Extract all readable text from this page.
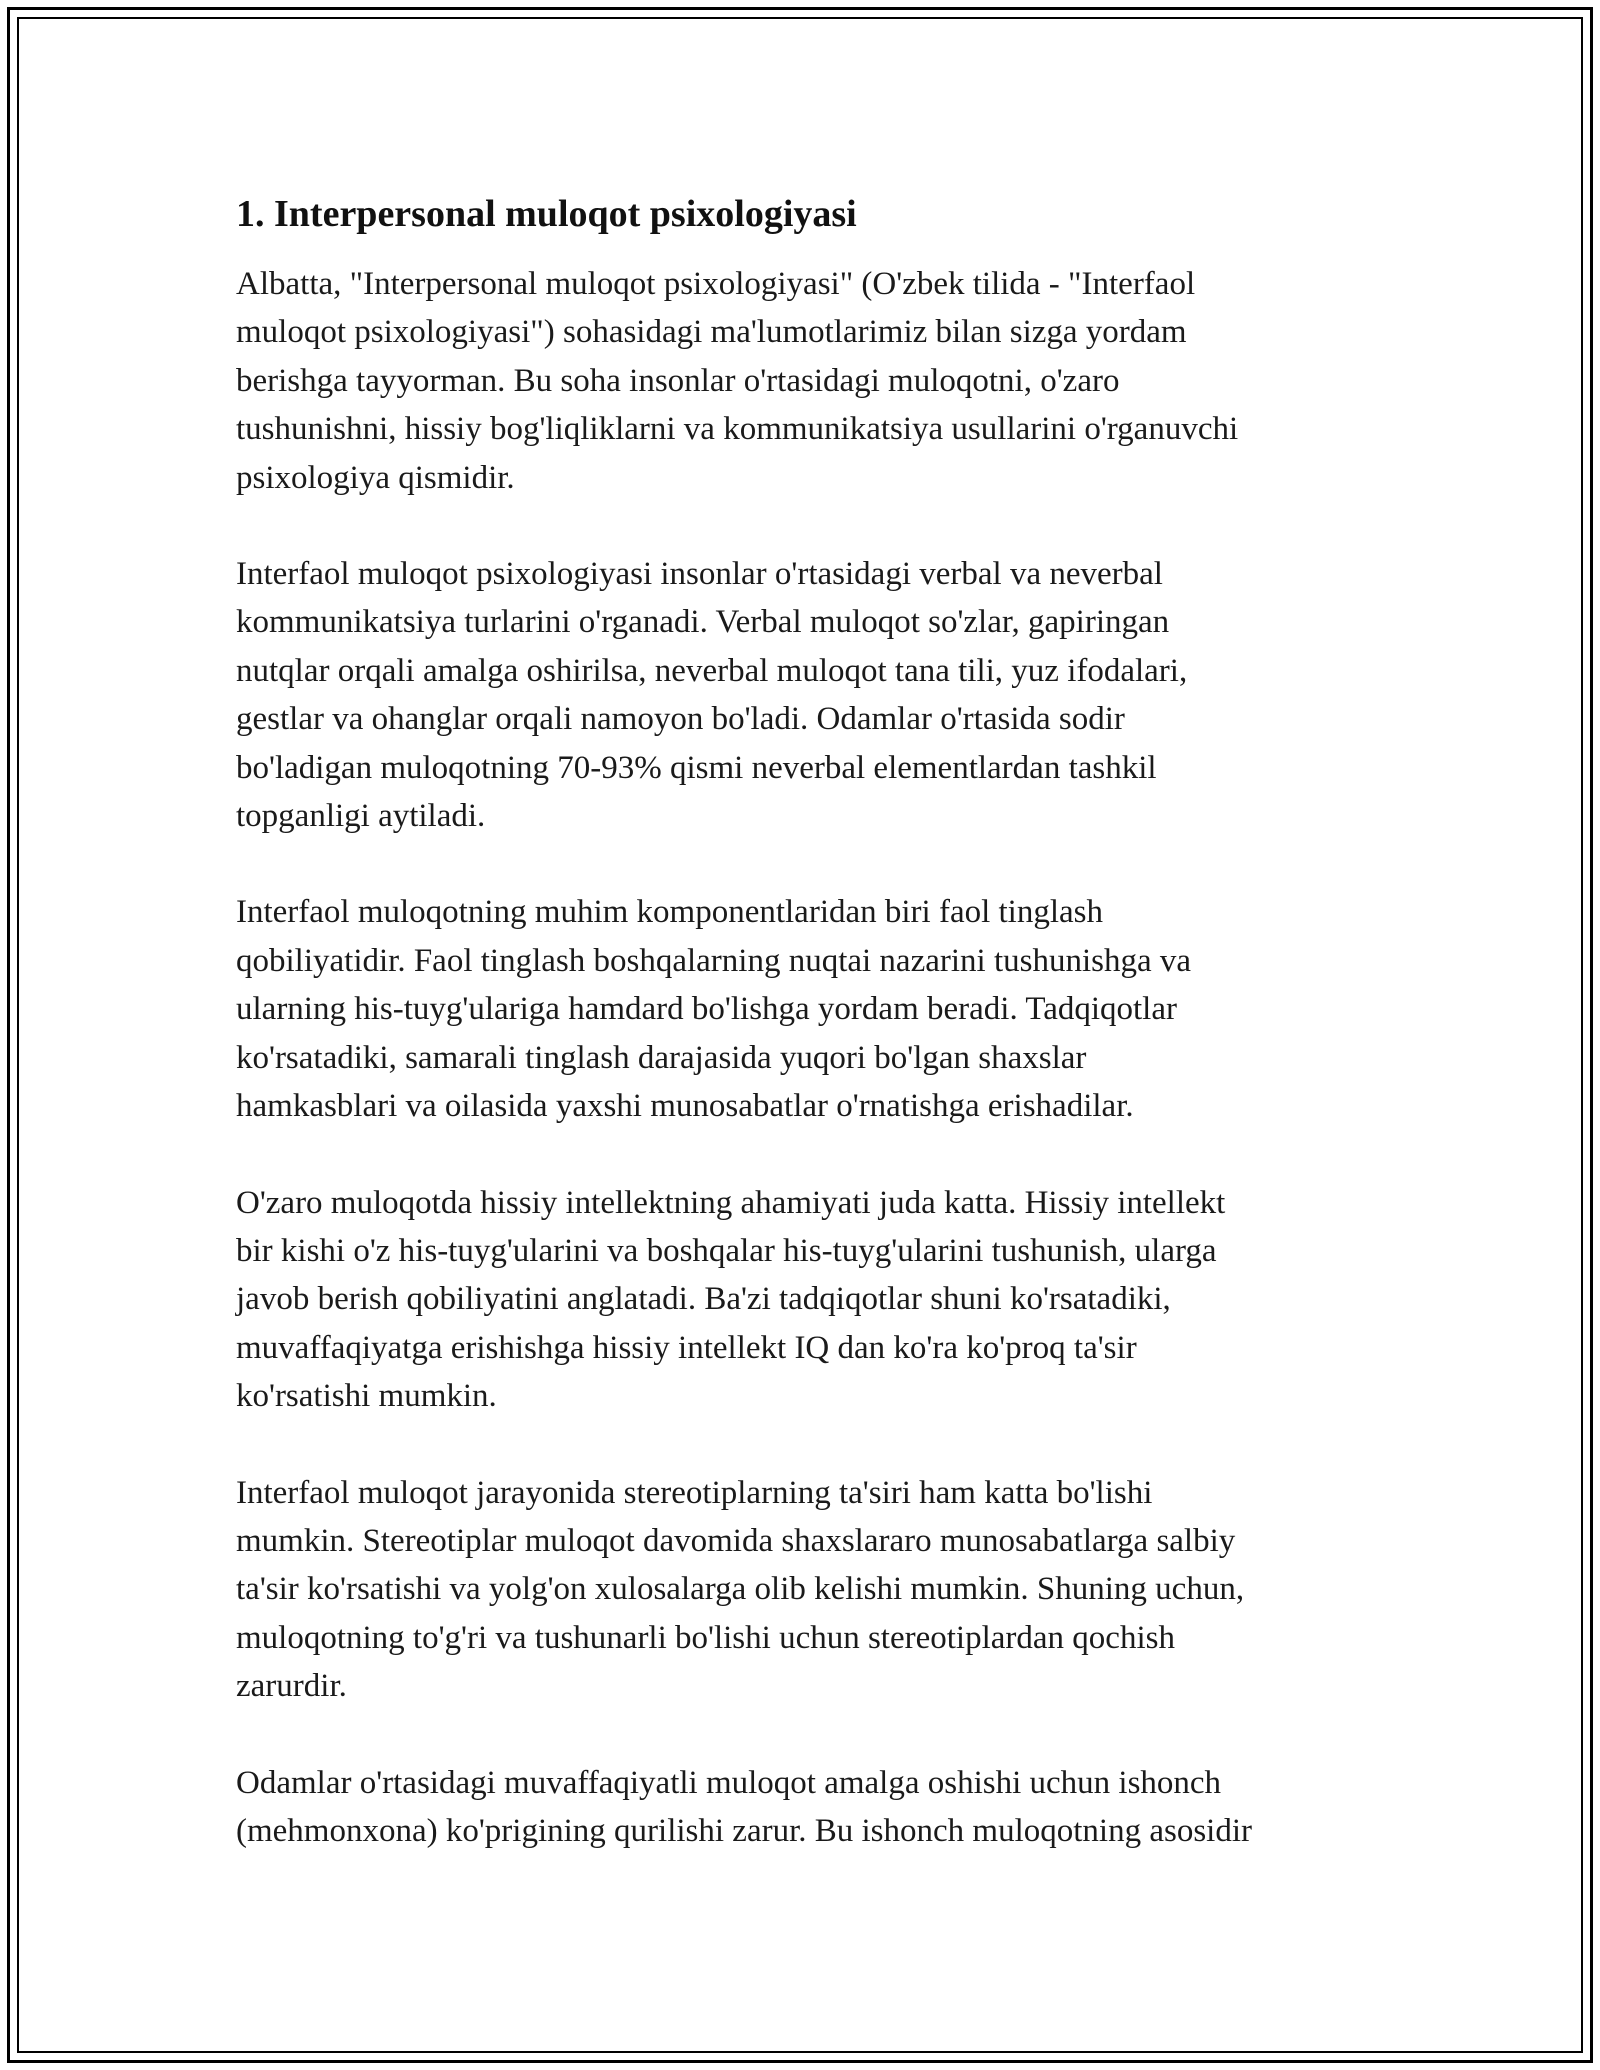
1. Interpersonal muloqot psixologiyasi

Albatta, "Interpersonal muloqot psixologiyasi" (O'zbek tilida - "Interfaol
muloqot psixologiyasi") sohasidagi ma'lumotlarimiz bilan sizga yordam
berishga tayyorman. Bu soha insonlar o'rtasidagi muloqotni, o'zaro
tushunishni, hissiy bog'liqliklarni va kommunikatsiya usullarini o'rganuvchi
psixologiya qismidir.

Interfaol muloqot psixologiyasi insonlar o'rtasidagi verbal va neverbal
kommunikatsiya turlarini o'rganadi. Verbal muloqot so'zlar, gapiringan
nutqlar orqali amalga oshirilsa, neverbal muloqot tana tili, yuz ifodalari,
gestlar va ohanglar orqali namoyon bo'ladi. Odamlar o'rtasida sodir
bo'ladigan muloqotning 70-93% qismi neverbal elementlardan tashkil
topganligi aytiladi.

Interfaol muloqotning muhim komponentlaridan biri faol tinglash
qobiliyatidir. Faol tinglash boshqalarning nuqtai nazarini tushunishga va
ularning his-tuyg'ulariga hamdard bo'lishga yordam beradi. Tadqiqotlar
ko'rsatadiki, samarali tinglash darajasida yuqori bo'lgan shaxslar
hamkasblari va oilasida yaxshi munosabatlar o'rnatishga erishadilar.

O'zaro muloqotda hissiy intellektning ahamiyati juda katta. Hissiy intellekt
bir kishi o'z his-tuyg'ularini va boshqalar his-tuyg'ularini tushunish, ularga
javob berish qobiliyatini anglatadi. Ba'zi tadqiqotlar shuni ko'rsatadiki,
muvaffaqiyatga erishishga hissiy intellekt IQ dan ko'ra ko'proq ta'sir
ko'rsatishi mumkin.

Interfaol muloqot jarayonida stereotiplarning ta'siri ham katta bo'lishi
mumkin. Stereotiplar muloqot davomida shaxslararo munosabatlarga salbiy
ta'sir ko'rsatishi va yolg'on xulosalarga olib kelishi mumkin. Shuning uchun,
muloqotning to'g'ri va tushunarli bo'lishi uchun stereotiplardan qochish
zarurdir.

Odamlar o'rtasidagi muvaffaqiyatli muloqot amalga oshishi uchun ishonch
(mehmonxona) ko'prigining qurilishi zarur. Bu ishonch muloqotning asosidir
